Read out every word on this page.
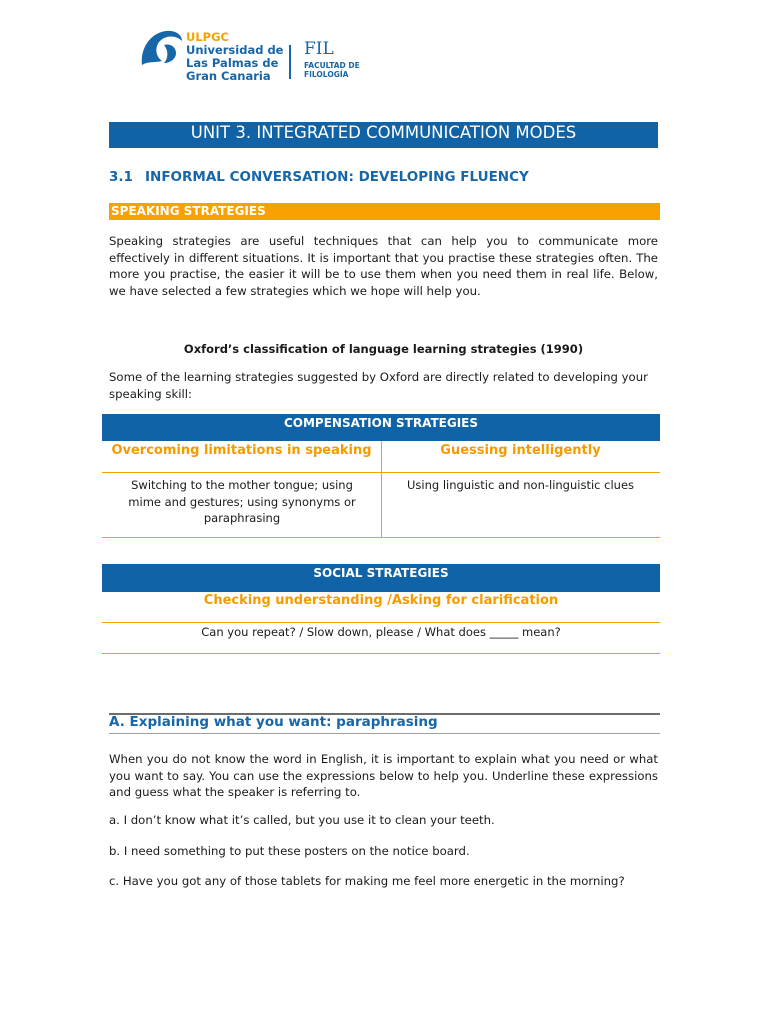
ULPGC
Universidad de
Las Palmas de
Gran Canaria
FIL
FACULTAD DE
FILOLOGÍA
UNIT 3. INTEGRATED COMMUNICATION MODES
3.1 INFORMAL CONVERSATION: DEVELOPING FLUENCY
SPEAKING STRATEGIES
Speaking strategies are useful techniques that can help you to communicate more effectively in different situations. It is important that you practise these strategies often. The more you practise, the easier it will be to use them when you need them in real life. Below, we have selected a few strategies which we hope will help you.
Oxford’s classification of language learning strategies (1990)
Some of the learning strategies suggested by Oxford are directly related to developing your speaking skill:
COMPENSATION STRATEGIES
Overcoming limitations in speaking	Guessing intelligently
Switching to the mother tongue; using mime and gestures; using synonyms or paraphrasing
Using linguistic and non-linguistic clues
SOCIAL STRATEGIES
Checking understanding /Asking for clarification
Can you repeat? / Slow down, please / What does _____ mean?
A. Explaining what you want: paraphrasing
When you do not know the word in English, it is important to explain what you need or what you want to say. You can use the expressions below to help you. Underline these expressions and guess what the speaker is referring to.
a. I don’t know what it’s called, but you use it to clean your teeth.
b. I need something to put these posters on the notice board.
c. Have you got any of those tablets for making me feel more energetic in the morning?
